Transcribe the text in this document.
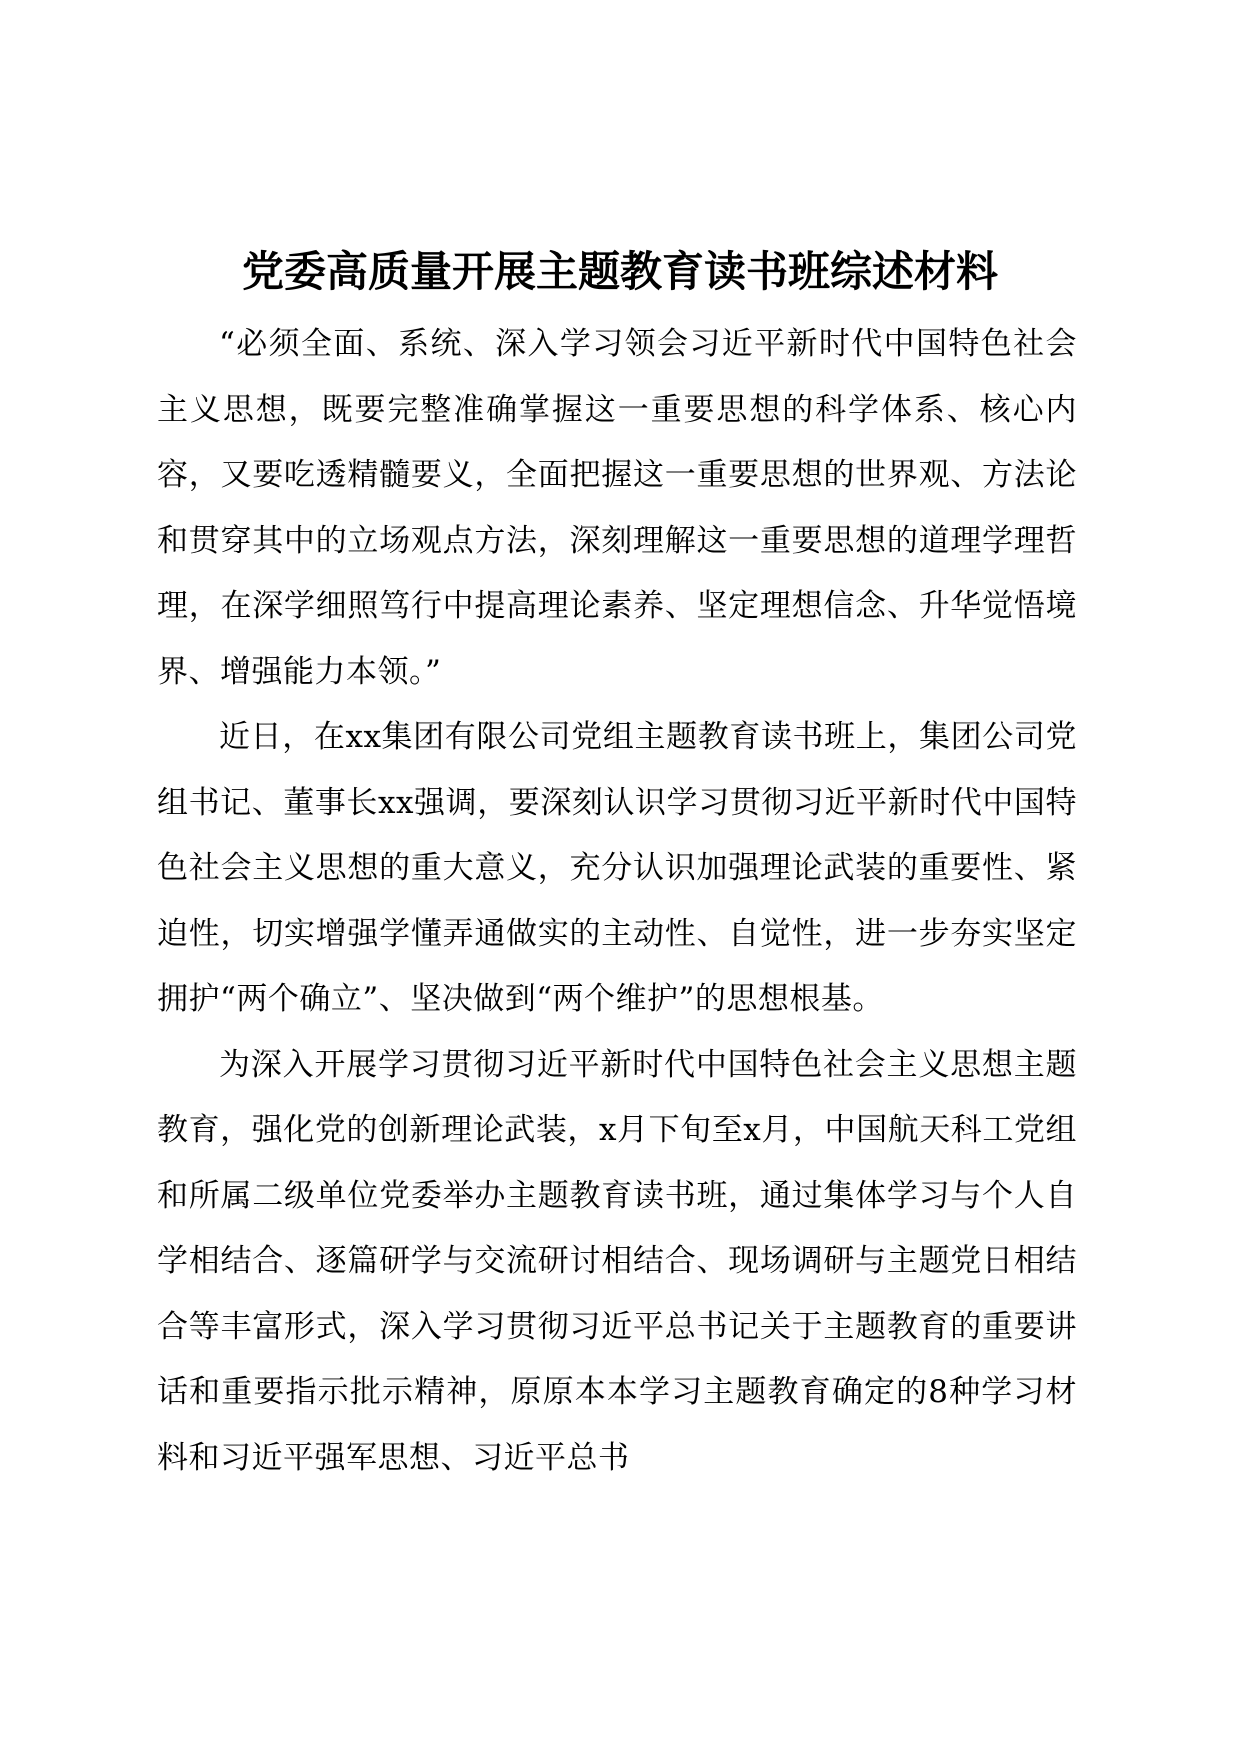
党委高质量开展主题教育读书班综述材料

“必须全面、系统、深入学习领会习近平新时代中国特色社会主义思想，既要完整准确掌握这一重要思想的科学体系、核心内容，又要吃透精髓要义，全面把握这一重要思想的世界观、方法论和贯穿其中的立场观点方法，深刻理解这一重要思想的道理学理哲理，在深学细照笃行中提高理论素养、坚定理想信念、升华觉悟境界、增强能力本领。”

近日，在xx集团有限公司党组主题教育读书班上，集团公司党组书记、董事长xx强调，要深刻认识学习贯彻习近平新时代中国特色社会主义思想的重大意义，充分认识加强理论武装的重要性、紧迫性，切实增强学懂弄通做实的主动性、自觉性，进一步夯实坚定拥护“两个确立”、坚决做到“两个维护”的思想根基。

为深入开展学习贯彻习近平新时代中国特色社会主义思想主题教育，强化党的创新理论武装，x月下旬至x月，中国航天科工党组和所属二级单位党委举办主题教育读书班，通过集体学习与个人自学相结合、逐篇研学与交流研讨相结合、现场调研与主题党日相结合等丰富形式，深入学习贯彻习近平总书记关于主题教育的重要讲话和重要指示批示精神，原原本本学习主题教育确定的8种学习材料和习近平强军思想、习近平总书
